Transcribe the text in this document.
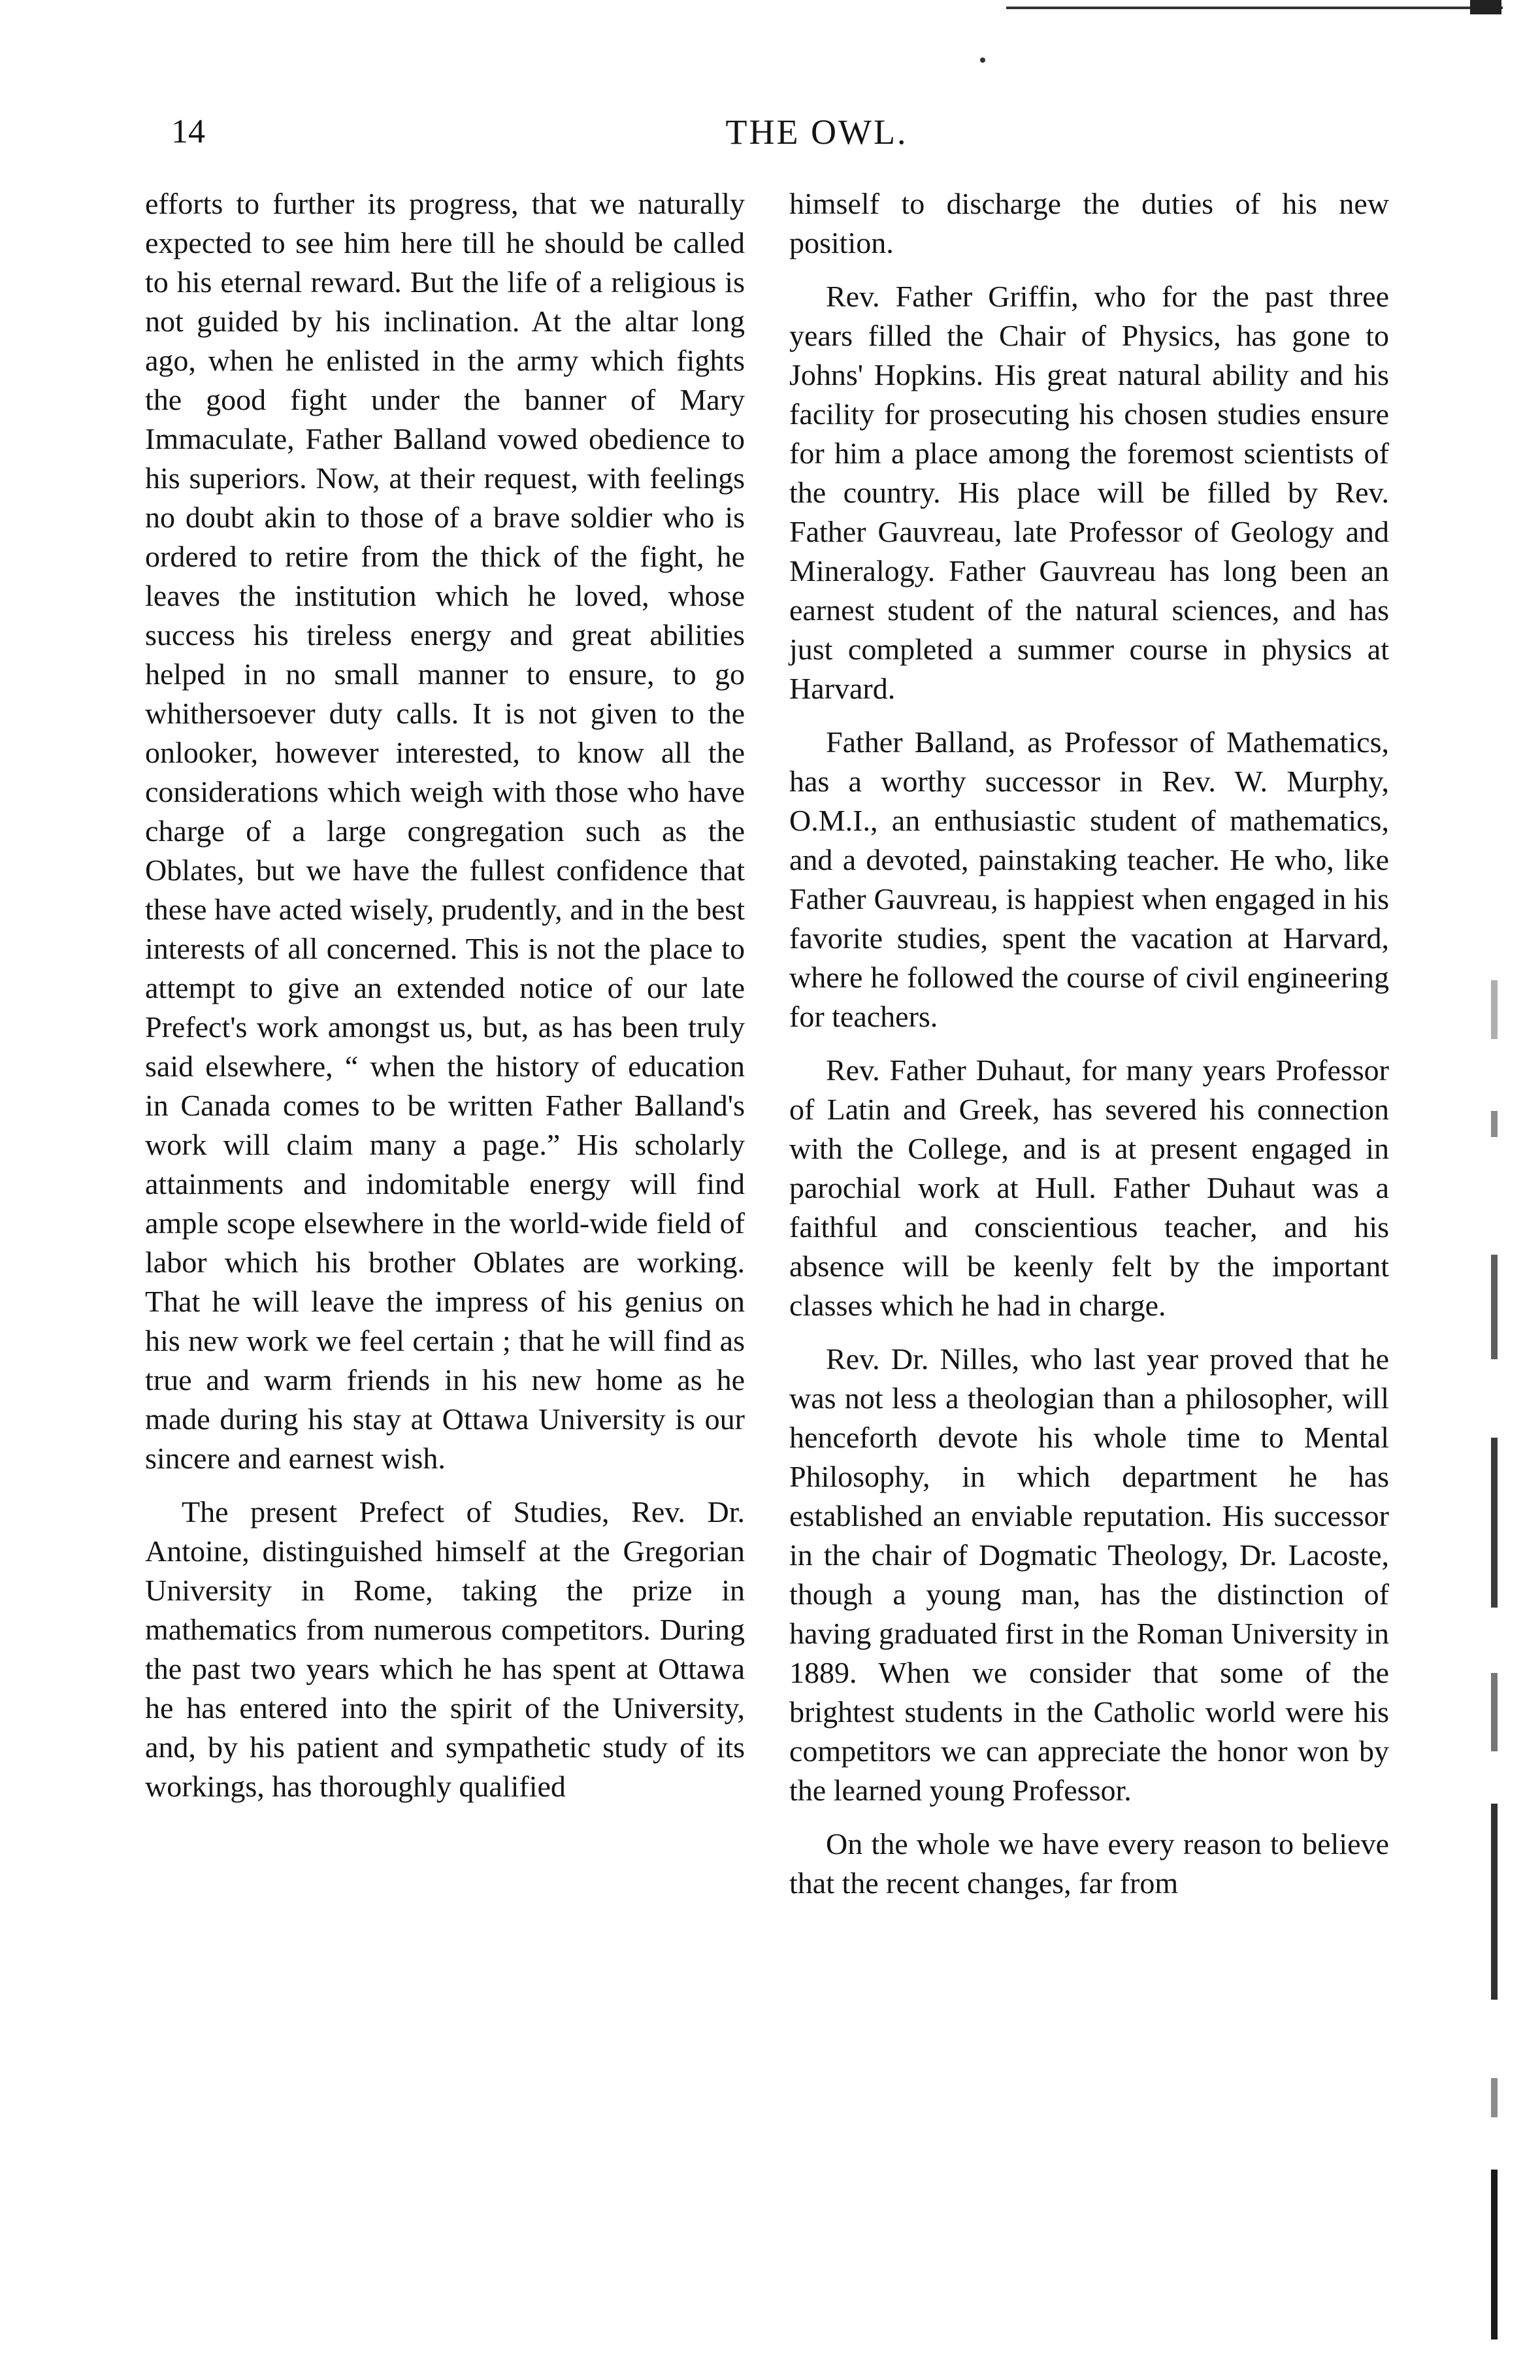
14	THE OWL.

efforts to further its progress, that we naturally expected to see him here till he should be called to his eternal reward. But the life of a religious is not guided by his inclination. At the altar long ago, when he enlisted in the army which fights the good fight under the banner of Mary Immaculate, Father Balland vowed obedience to his superiors. Now, at their request, with feelings no doubt akin to those of a brave soldier who is ordered to retire from the thick of the fight, he leaves the institution which he loved, whose success his tireless energy and great abilities helped in no small manner to ensure, to go whithersoever duty calls. It is not given to the onlooker, however interested, to know all the considerations which weigh with those who have charge of a large congregation such as the Oblates, but we have the fullest confidence that these have acted wisely, prudently, and in the best interests of all concerned. This is not the place to attempt to give an extended notice of our late Prefect's work amongst us, but, as has been truly said elsewhere, “ when the history of education in Canada comes to be written Father Balland's work will claim many a page.” His scholarly attainments and indomitable energy will find ample scope elsewhere in the world-wide field of labor which his brother Oblates are working. That he will leave the impress of his genius on his new work we feel certain ; that he will find as true and warm friends in his new home as he made during his stay at Ottawa University is our sincere and earnest wish.

The present Prefect of Studies, Rev. Dr. Antoine, distinguished himself at the Gregorian University in Rome, taking the prize in mathematics from numerous competitors. During the past two years which he has spent at Ottawa he has entered into the spirit of the University, and, by his patient and sympathetic study of its workings, has thoroughly qualified

himself to discharge the duties of his new position.

Rev. Father Griffin, who for the past three years filled the Chair of Physics, has gone to Johns' Hopkins. His great natural ability and his facility for prosecuting his chosen studies ensure for him a place among the foremost scientists of the country. His place will be filled by Rev. Father Gauvreau, late Professor of Geology and Mineralogy. Father Gauvreau has long been an earnest student of the natural sciences, and has just completed a summer course in physics at Harvard.

Father Balland, as Professor of Mathematics, has a worthy successor in Rev. W. Murphy, O.M.I., an enthusiastic student of mathematics, and a devoted, painstaking teacher. He who, like Father Gauvreau, is happiest when engaged in his favorite studies, spent the vacation at Harvard, where he followed the course of civil engineering for teachers.

Rev. Father Duhaut, for many years Professor of Latin and Greek, has severed his connection with the College, and is at present engaged in parochial work at Hull. Father Duhaut was a faithful and conscientious teacher, and his absence will be keenly felt by the important classes which he had in charge.

Rev. Dr. Nilles, who last year proved that he was not less a theologian than a philosopher, will henceforth devote his whole time to Mental Philosophy, in which department he has established an enviable reputation. His successor in the chair of Dogmatic Theology, Dr. Lacoste, though a young man, has the distinction of having graduated first in the Roman University in 1889. When we consider that some of the brightest students in the Catholic world were his competitors we can appreciate the honor won by the learned young Professor.

On the whole we have every reason to believe that the recent changes, far from
